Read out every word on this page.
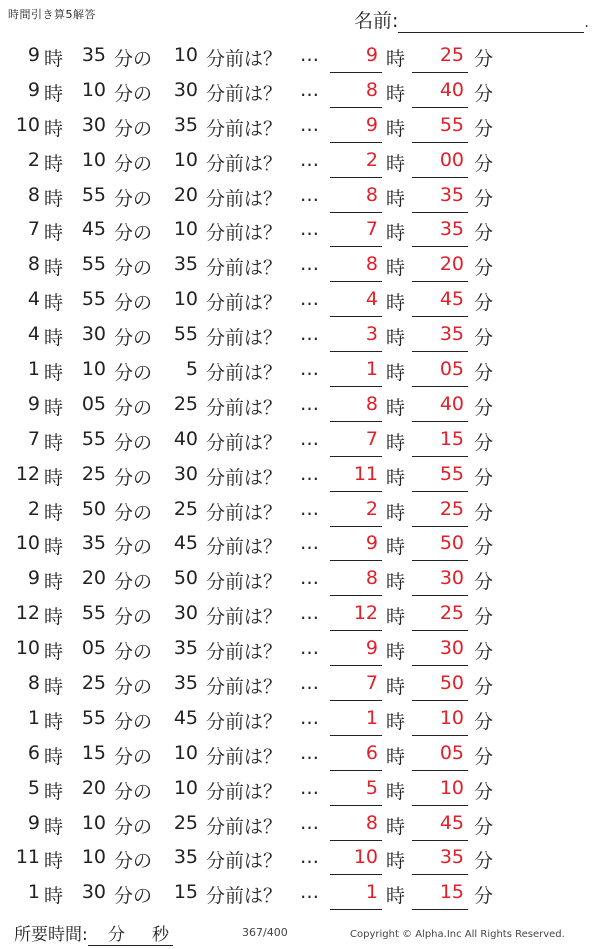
時間引き算5解答	名前:	.
9 時 35 分の	10 分前は？ …	9 時	25 分
9 時 10 分の	30 分前は？ …	8 時	40 分
10 時 30 分の	35 分前は？ …	9 時	55 分
2 時 10 分の	10 分前は？ …	2 時	00 分
8 時 55 分の	20 分前は？ …	8 時	35 分
7 時 45 分の	10 分前は？ …	7 時	35 分
8 時 55 分の	35 分前は？ …	8 時	20 分
4 時 55 分の	10 分前は？ …	4 時	45 分
4 時 30 分の	55 分前は？ …	3 時	35 分
1 時 10 分の	5 分前は？ …	1 時	05 分
9 時 05 分の	25 分前は？ …	8 時	40 分
7 時 55 分の	40 分前は？ …	7 時	15 分
12 時 25 分の	30 分前は？ …	11 時	55 分
2 時 50 分の	25 分前は？ …	2 時	25 分
10 時 35 分の	45 分前は？ …	9 時	50 分
9 時 20 分の	50 分前は？ …	8 時	30 分
12 時 55 分の	30 分前は？ …	12 時	25 分
10 時 05 分の	35 分前は？ …	9 時	30 分
8 時 25 分の	35 分前は？ …	7 時	50 分
1 時 55 分の	45 分前は？ …	1 時	10 分
6 時 15 分の	10 分前は？ …	6 時	05 分
5 時 20 分の	10 分前は？ …	5 時	10 分
9 時 10 分の	25 分前は？ …	8 時	45 分
11 時 10 分の	35 分前は？ …	10 時	35 分
1 時 30 分の	15 分前は？ …	1 時	15 分
所要時間: 分 秒	367/400	Copyright © Alpha.Inc All Rights Reserved.
